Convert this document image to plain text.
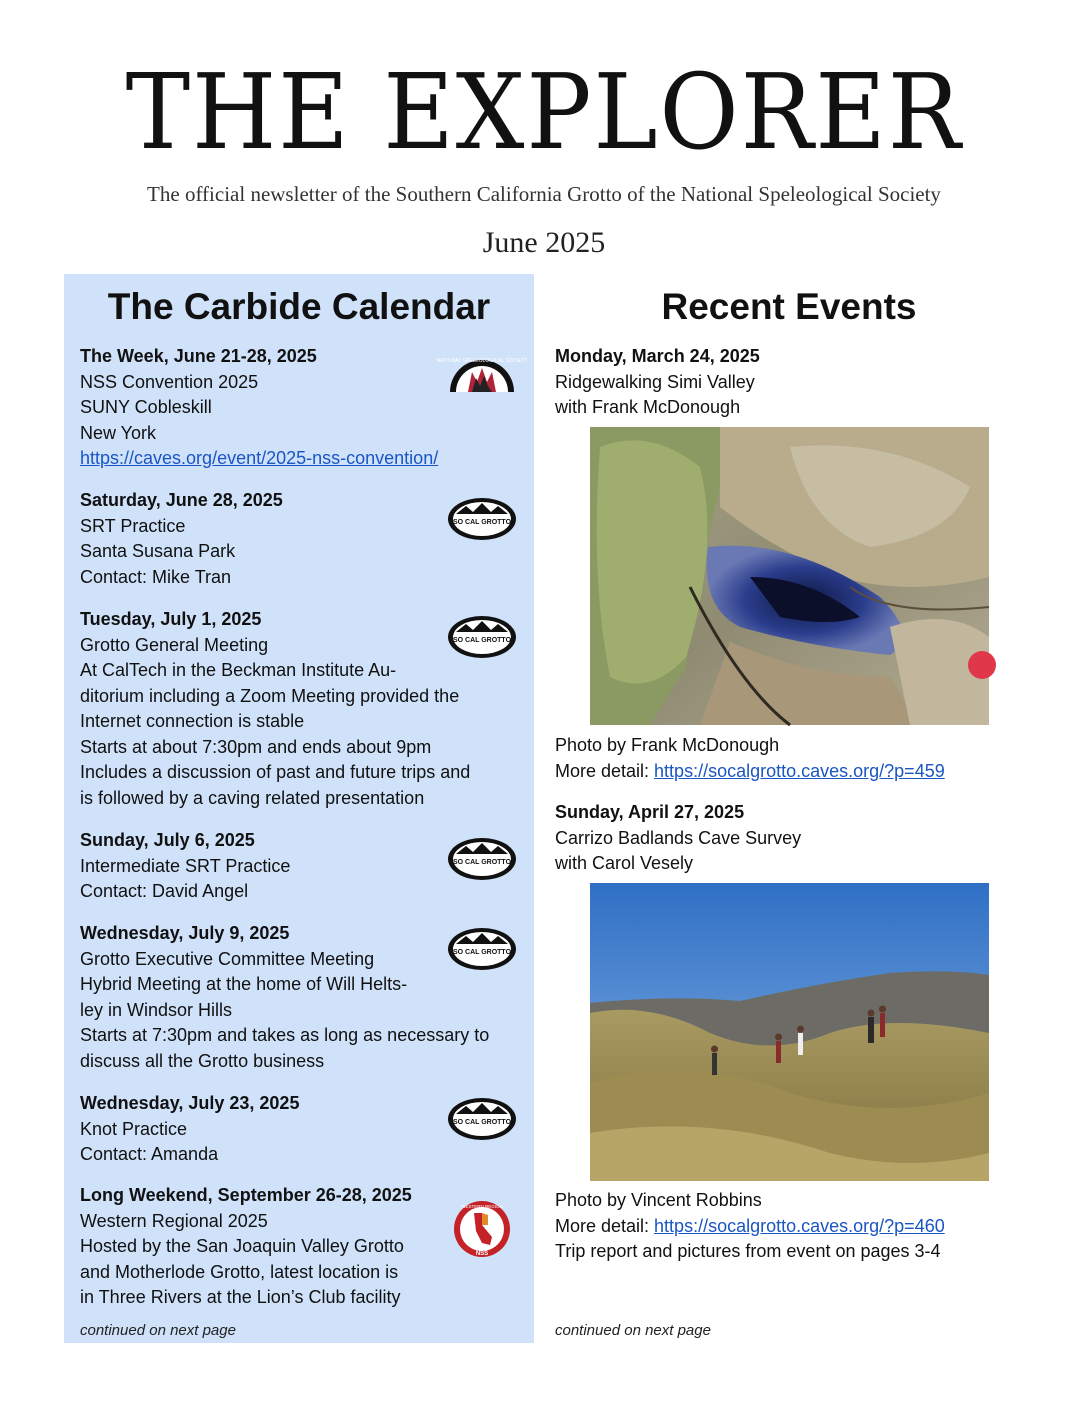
THE EXPLORER
The official newsletter of the Southern California Grotto of the National Speleological Society
June 2025
The Carbide Calendar
The Week, June 21-28, 2025
NSS Convention 2025
SUNY Cobleskill
New York
https://caves.org/event/2025-nss-convention/
NATIONAL SPELEOLOGICAL SOCIETY
Saturday, June 28, 2025
SRT Practice
Santa Susana Park
Contact: Mike Tran
SO CAL GROTTO
Tuesday, July 1, 2025
Grotto General Meeting
At CalTech in the Beckman Institute Au-
ditorium including a Zoom Meeting provided the
Internet connection is stable
Starts at about 7:30pm and ends about 9pm
Includes a discussion of past and future trips and
is followed by a caving related presentation
SO CAL GROTTO
Sunday, July 6, 2025
Intermediate SRT Practice
Contact: David Angel
SO CAL GROTTO
Wednesday, July 9, 2025
Grotto Executive Committee Meeting
Hybrid Meeting at the home of Will Helts-
ley in Windsor Hills
Starts at 7:30pm and takes as long as necessary to
discuss all the Grotto business
SO CAL GROTTO
Wednesday, July 23, 2025
Knot Practice
Contact: Amanda
SO CAL GROTTO
Long Weekend, September 26-28, 2025
Western Regional 2025
Hosted by the San Joaquin Valley Grotto
and Motherlode Grotto, latest location is
in Three Rivers at the Lion’s Club facility
WESTERN REGION
NSS
continued on next page
Recent Events
Monday, March 24, 2025
Ridgewalking Simi Valley
with Frank McDonough
Photo by Frank McDonough
More detail: https://socalgrotto.caves.org/?p=459
Sunday, April 27, 2025
Carrizo Badlands Cave Survey
with Carol Vesely
Photo by Vincent Robbins
More detail: https://socalgrotto.caves.org/?p=460
Trip report and pictures from event on pages 3-4
continued on next page
